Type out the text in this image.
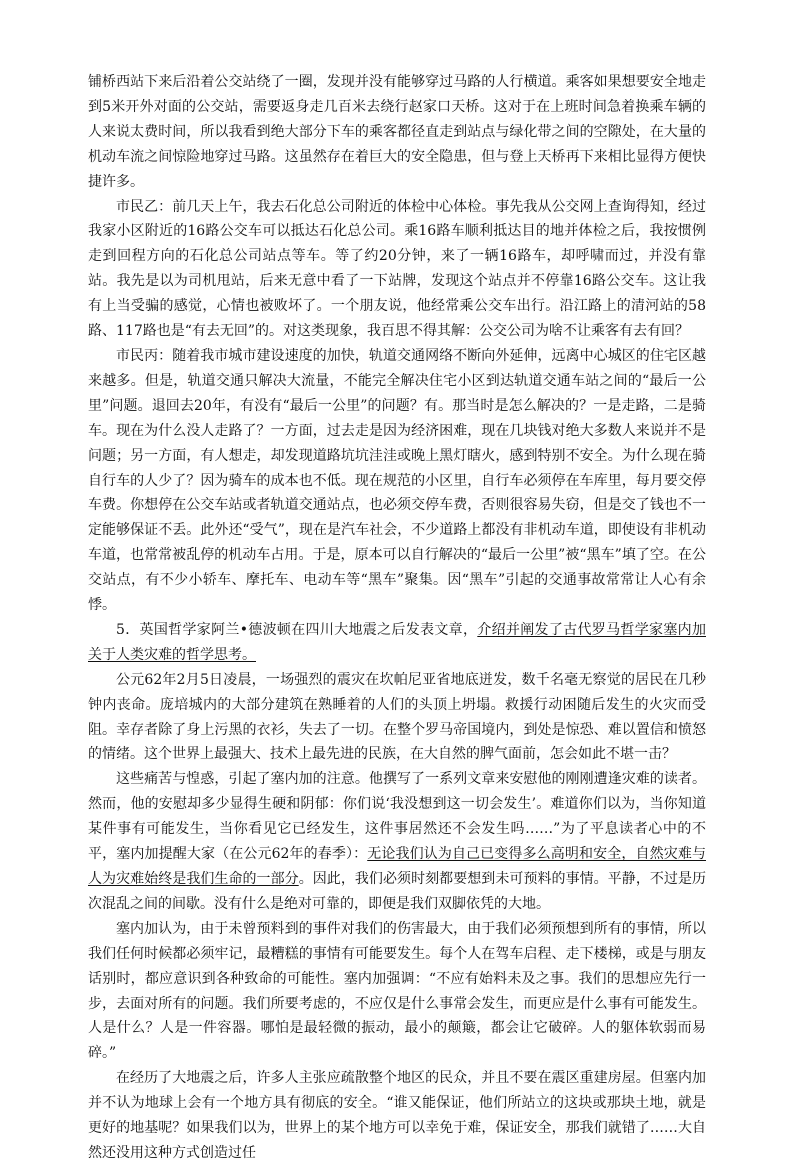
铺桥西站下来后沿着公交站绕了一圈，发现并没有能够穿过马路的人行横道。乘客如果想要安全地走到5米开外对面的公交站，需要返身走几百米去绕行赵家口天桥。这对于在上班时间急着换乘车辆的人来说太费时间，所以我看到绝大部分下车的乘客都径直走到站点与绿化带之间的空隙处，在大量的机动车流之间惊险地穿过马路。这虽然存在着巨大的安全隐患，但与登上天桥再下来相比显得方便快捷许多。

市民乙：前几天上午，我去石化总公司附近的体检中心体检。事先我从公交网上查询得知，经过我家小区附近的16路公交车可以抵达石化总公司。乘16路车顺利抵达目的地并体检之后，我按惯例走到回程方向的石化总公司站点等车。等了约20分钟，来了一辆16路车，却呼啸而过，并没有靠站。我先是以为司机甩站，后来无意中看了一下站牌，发现这个站点并不停靠16路公交车。这让我有上当受骗的感觉，心情也被败坏了。一个朋友说，他经常乘公交车出行。沿江路上的清河站的58路、117路也是“有去无回”的。对这类现象，我百思不得其解：公交公司为啥不让乘客有去有回？

市民丙：随着我市城市建设速度的加快，轨道交通网络不断向外延伸，远离中心城区的住宅区越来越多。但是，轨道交通只解决大流量，不能完全解决住宅小区到达轨道交通车站之间的“最后一公里”问题。退回去20年，有没有“最后一公里”的问题？有。那当时是怎么解决的？一是走路，二是骑车。现在为什么没人走路了？一方面，过去走是因为经济困难，现在几块钱对绝大多数人来说并不是问题；另一方面，有人想走，却发现道路坑坑洼洼或晚上黑灯瞎火，感到特别不安全。为什么现在骑自行车的人少了？因为骑车的成本也不低。现在规范的小区里，自行车必须停在车库里，每月要交停车费。你想停在公交车站或者轨道交通站点，也必须交停车费，否则很容易失窃，但是交了钱也不一定能够保证不丢。此外还“受气”，现在是汽车社会，不少道路上都没有非机动车道，即使设有非机动车道，也常常被乱停的机动车占用。于是，原本可以自行解决的“最后一公里”被“黑车”填了空。在公交站点，有不少小轿车、摩托车、电动车等“黑车”聚集。因“黑车”引起的交通事故常常让人心有余悸。

5．英国哲学家阿兰•德波顿在四川大地震之后发表文章，介绍并阐发了古代罗马哲学家塞内加关于人类灾难的哲学思考。

公元62年2月5日凌晨，一场强烈的震灾在坎帕尼亚省地底迸发，数千名毫无察觉的居民在几秒钟内丧命。庞培城内的大部分建筑在熟睡着的人们的头顶上坍塌。救援行动困随后发生的火灾而受阻。幸存者除了身上污黑的衣衫，失去了一切。在整个罗马帝国境内，到处是惊恐、难以置信和愤怒的情绪。这个世界上最强大、技术上最先进的民族，在大自然的脾气面前，怎会如此不堪一击？

这些痛苦与惶惑，引起了塞内加的注意。他撰写了一系列文章来安慰他的刚刚遭逢灾难的读者。然而，他的安慰却多少显得生硬和阴郁：你们说‘我没想到这一切会发生’。难道你们以为，当你知道某件事有可能发生，当你看见它已经发生，这件事居然还不会发生吗……”为了平息读者心中的不平，塞内加提醒大家（在公元62年的春季）：无论我们认为自己已变得多么高明和安全，自然灾难与人为灾难始终是我们生命的一部分。因此，我们必须时刻都要想到未可预料的事情。平静，不过是历次混乱之间的间歇。没有什么是绝对可靠的，即便是我们双脚依凭的大地。

塞内加认为，由于未曾预料到的事件对我们的伤害最大，由于我们必须预想到所有的事情，所以我们任何时候都必须牢记，最糟糕的事情有可能要发生。每个人在驾车启程、走下楼梯，或是与朋友话别时，都应意识到各种致命的可能性。塞内加强调：“不应有始料未及之事。我们的思想应先行一步，去面对所有的问题。我们所要考虑的，不应仅是什么事常会发生，而更应是什么事有可能发生。人是什么？人是一件容器。哪怕是最轻微的振动，最小的颠簸，都会让它破碎。人的躯体软弱而易碎。”

在经历了大地震之后，许多人主张应疏散整个地区的民众，并且不要在震区重建房屋。但塞内加并不认为地球上会有一个地方具有彻底的安全。“谁又能保证，他们所站立的这块或那块土地，就是更好的地基呢？如果我们以为，世界上的某个地方可以幸免于难，保证安全，那我们就错了……大自然还没用这种方式创造过任
